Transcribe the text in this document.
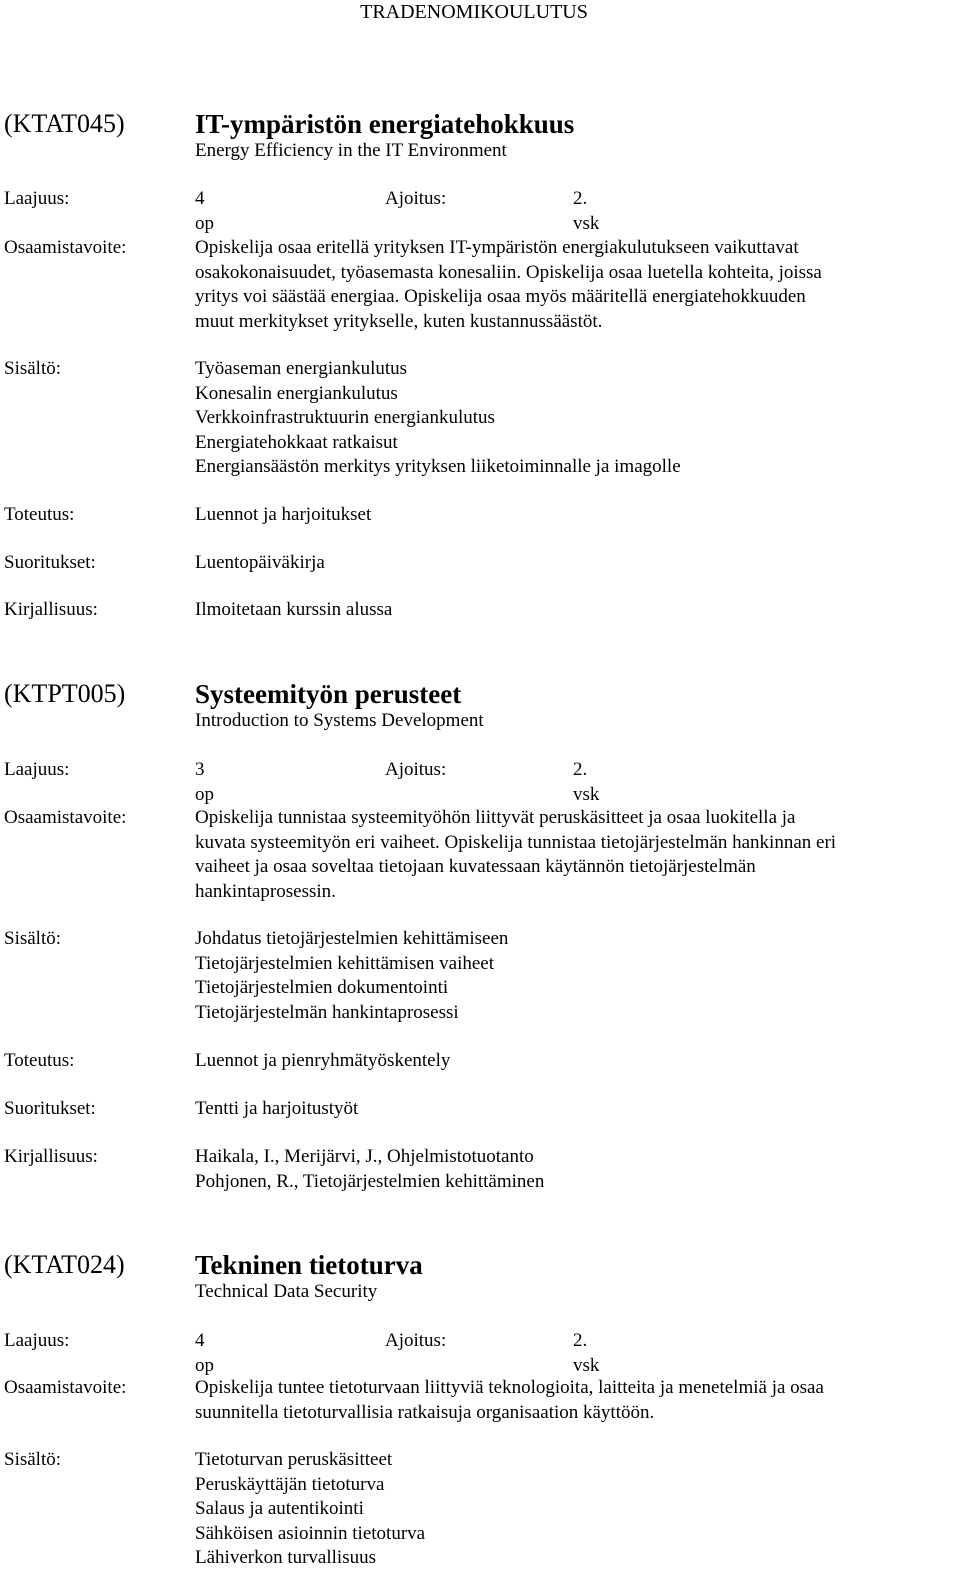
TRADENOMIKOULUTUS
(KTAT045)	IT-ympäristön energiatehokkuus
Energy Efficiency in the IT Environment
Laajuus:	4 op
Ajoitus:	2. vsk
Osaamistavoite:	Opiskelija osaa eritellä yrityksen IT-ympäristön energiakulutukseen vaikuttavat
osakokonaisuudet, työasemasta konesaliin. Opiskelija osaa luetella kohteita, joissa
yritys voi säästää energiaa. Opiskelija osaa myös määritellä energiatehokkuuden
muut merkitykset yritykselle, kuten kustannussäästöt.
Sisältö:	Työaseman energiankulutus
Konesalin energiankulutus
Verkkoinfrastruktuurin energiankulutus
Energiatehokkaat ratkaisut
Energiansäästön merkitys yrityksen liiketoiminnalle ja imagolle
Toteutus:	Luennot ja harjoitukset
Suoritukset:	Luentopäiväkirja
Kirjallisuus:	Ilmoitetaan kurssin alussa
(KTPT005)	Systeemityön perusteet
Introduction to Systems Development
Laajuus:	3 op
Ajoitus:	2. vsk
Osaamistavoite:	Opiskelija tunnistaa systeemityöhön liittyvät peruskäsitteet ja osaa luokitella ja
kuvata systeemityön eri vaiheet. Opiskelija tunnistaa tietojärjestelmän hankinnan eri
vaiheet ja osaa soveltaa tietojaan kuvatessaan käytännön tietojärjestelmän
hankintaprosessin.
Sisältö:	Johdatus tietojärjestelmien kehittämiseen
Tietojärjestelmien kehittämisen vaiheet
Tietojärjestelmien dokumentointi
Tietojärjestelmän hankintaprosessi
Toteutus:	Luennot ja pienryhmätyöskentely
Suoritukset:	Tentti ja harjoitustyöt
Kirjallisuus:	Haikala, I., Merijärvi, J., Ohjelmistotuotanto
Pohjonen, R., Tietojärjestelmien kehittäminen
(KTAT024)	Tekninen tietoturva
Technical Data Security
Laajuus:	4 op
Ajoitus:	2. vsk
Osaamistavoite:	Opiskelija tuntee tietoturvaan liittyviä teknologioita, laitteita ja menetelmiä ja osaa
suunnitella tietoturvallisia ratkaisuja organisaation käyttöön.
Sisältö:	Tietoturvan peruskäsitteet
Peruskäyttäjän tietoturva
Salaus ja autentikointi
Sähköisen asioinnin tietoturva
Lähiverkon turvallisuus
